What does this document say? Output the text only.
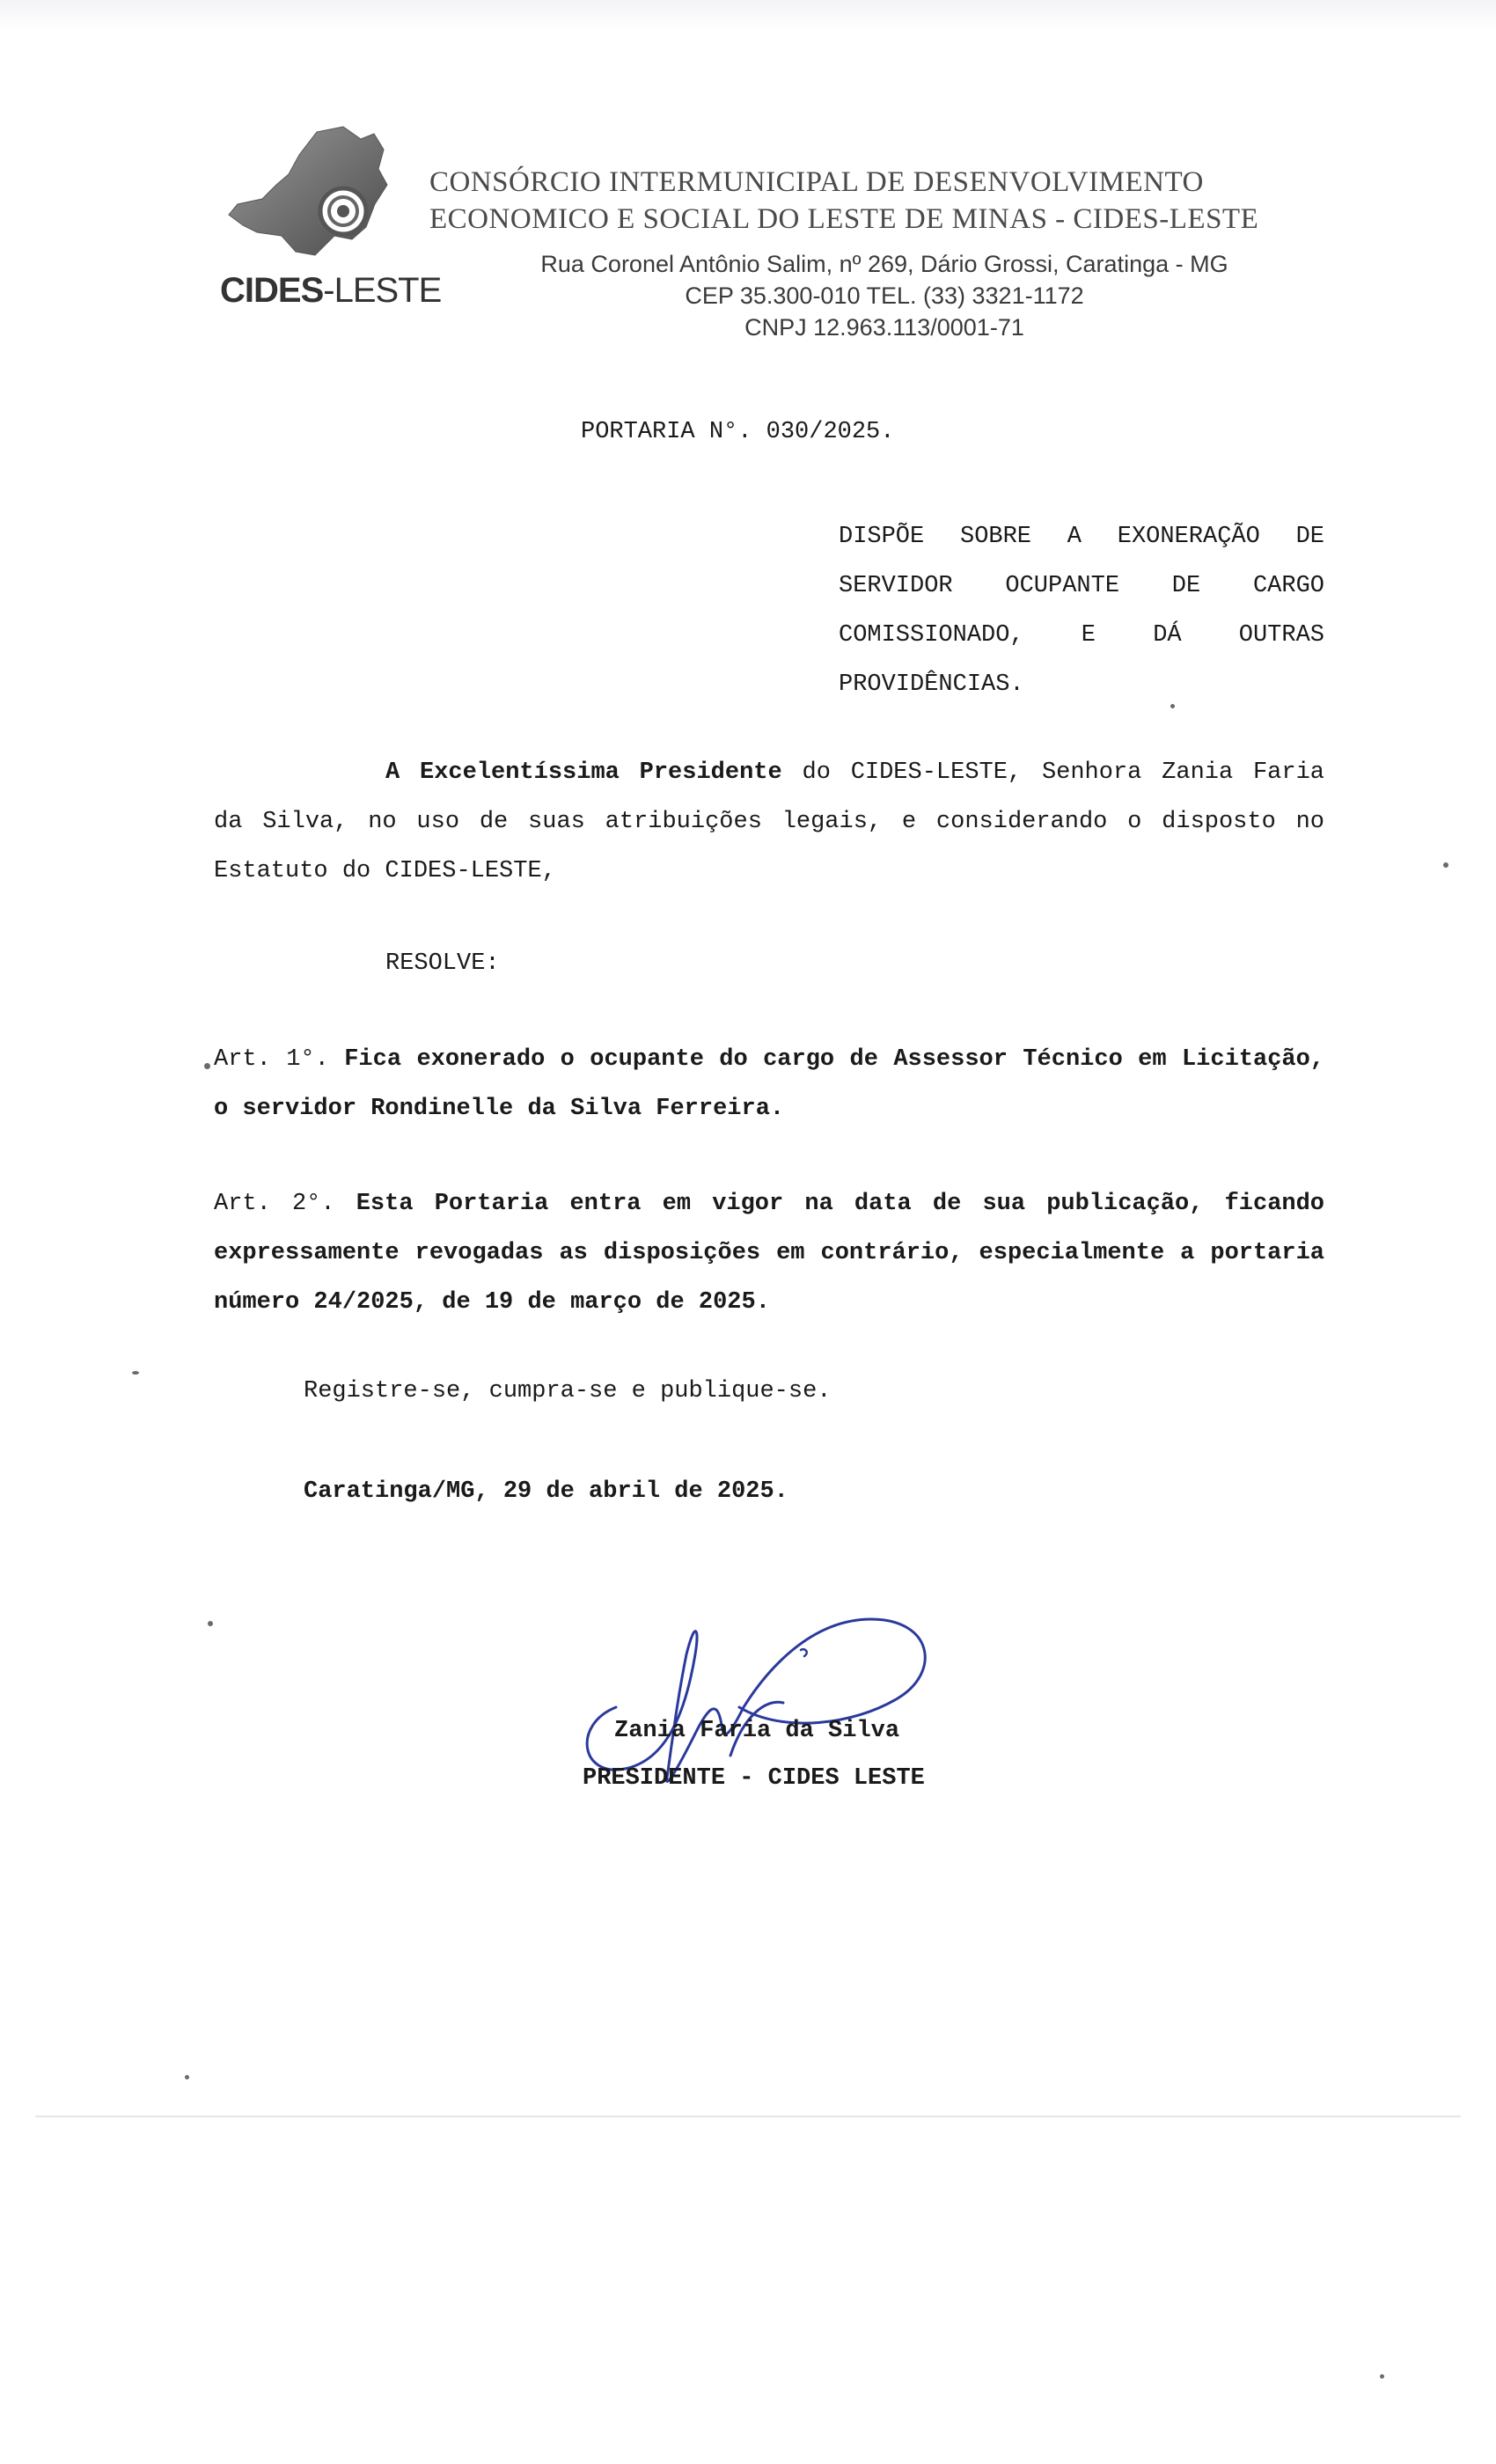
CIDES-LESTE
CONSÓRCIO INTERMUNICIPAL DE DESENVOLVIMENTO
ECONOMICO E SOCIAL DO LESTE DE MINAS - CIDES-LESTE
Rua Coronel Antônio Salim, nº 269, Dário Grossi, Caratinga - MG
CEP 35.300-010 TEL. (33) 3321-1172
CNPJ 12.963.113/0001-71
PORTARIA N°. 030/2025.
DISPÕE SOBRE A EXONERAÇÃO DE SERVIDOR OCUPANTE DE CARGO COMISSIONADO, E DÁ OUTRAS PROVIDÊNCIAS.
A Excelentíssima Presidente do CIDES-LESTE, Senhora Zania Faria da Silva, no uso de suas atribuições legais, e considerando o disposto no Estatuto do CIDES-LESTE,
RESOLVE:
Art. 1°. Fica exonerado o ocupante do cargo de Assessor Técnico em Licitação, o servidor Rondinelle da Silva Ferreira.
Art. 2°. Esta Portaria entra em vigor na data de sua publicação, ficando expressamente revogadas as disposições em contrário, especialmente a portaria número 24/2025, de 19 de março de 2025.
Registre-se, cumpra-se e publique-se.
Caratinga/MG, 29 de abril de 2025.
Zania Faria da Silva
PRESIDENTE - CIDES LESTE
